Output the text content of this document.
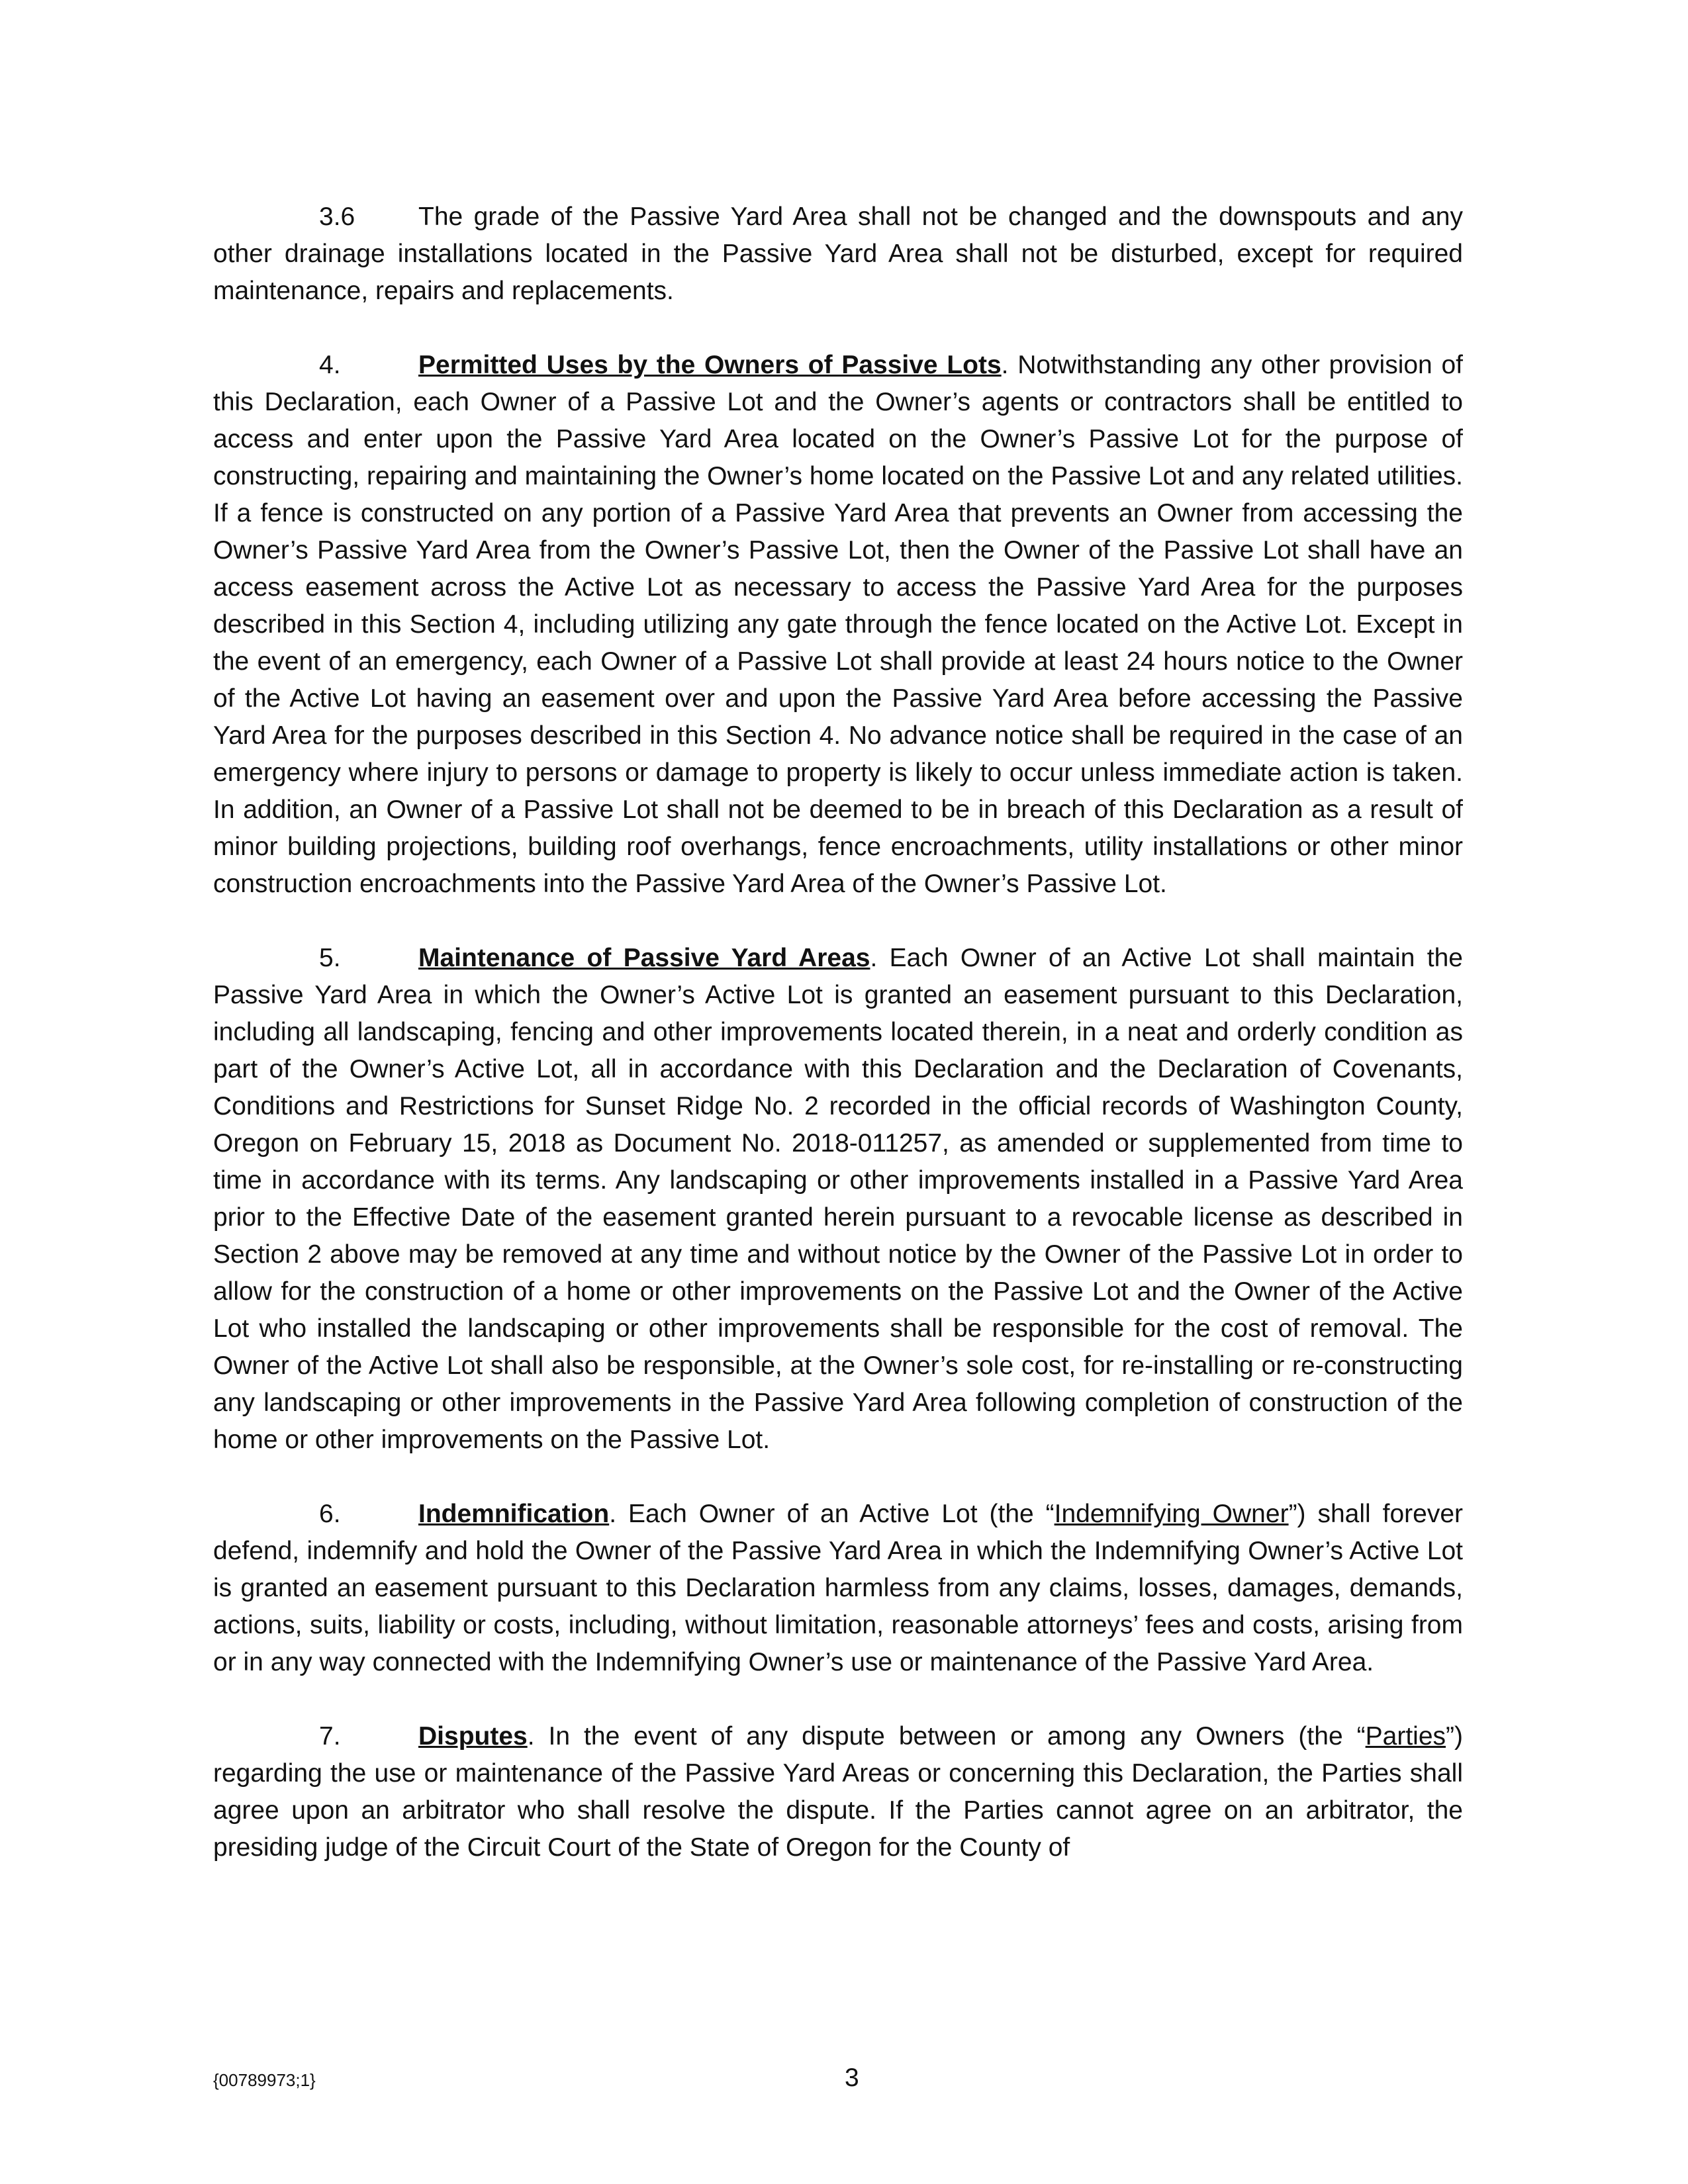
3.6 The grade of the Passive Yard Area shall not be changed and the downspouts and any other drainage installations located in the Passive Yard Area shall not be disturbed, except for required maintenance, repairs and replacements.

4.	Permitted Uses by the Owners of Passive Lots. Notwithstanding any other provision of this Declaration, each Owner of a Passive Lot and the Owner’s agents or contractors shall be entitled to access and enter upon the Passive Yard Area located on the Owner’s Passive Lot for the purpose of constructing, repairing and maintaining the Owner’s home located on the Passive Lot and any related utilities. If a fence is constructed on any portion of a Passive Yard Area that prevents an Owner from accessing the Owner’s Passive Yard Area from the Owner’s Passive Lot, then the Owner of the Passive Lot shall have an access easement across the Active Lot as necessary to access the Passive Yard Area for the purposes described in this Section 4, including utilizing any gate through the fence located on the Active Lot. Except in the event of an emergency, each Owner of a Passive Lot shall provide at least 24 hours notice to the Owner of the Active Lot having an easement over and upon the Passive Yard Area before accessing the Passive Yard Area for the purposes described in this Section 4. No advance notice shall be required in the case of an emergency where injury to persons or damage to property is likely to occur unless immediate action is taken. In addition, an Owner of a Passive Lot shall not be deemed to be in breach of this Declaration as a result of minor building projections, building roof overhangs, fence encroachments, utility installations or other minor construction encroachments into the Passive Yard Area of the Owner’s Passive Lot.

5.	Maintenance of Passive Yard Areas. Each Owner of an Active Lot shall maintain the Passive Yard Area in which the Owner’s Active Lot is granted an easement pursuant to this Declaration, including all landscaping, fencing and other improvements located therein, in a neat and orderly condition as part of the Owner’s Active Lot, all in accordance with this Declaration and the Declaration of Covenants, Conditions and Restrictions for Sunset Ridge No. 2 recorded in the official records of Washington County, Oregon on February 15, 2018 as Document No. 2018-011257, as amended or supplemented from time to time in accordance with its terms. Any landscaping or other improvements installed in a Passive Yard Area prior to the Effective Date of the easement granted herein pursuant to a revocable license as described in Section 2 above may be removed at any time and without notice by the Owner of the Passive Lot in order to allow for the construction of a home or other improvements on the Passive Lot and the Owner of the Active Lot who installed the landscaping or other improvements shall be responsible for the cost of removal. The Owner of the Active Lot shall also be responsible, at the Owner’s sole cost, for re-installing or re-constructing any landscaping or other improvements in the Passive Yard Area following completion of construction of the home or other improvements on the Passive Lot.

6.	Indemnification. Each Owner of an Active Lot (the “Indemnifying Owner”) shall forever defend, indemnify and hold the Owner of the Passive Yard Area in which the Indemnifying Owner’s Active Lot is granted an easement pursuant to this Declaration harmless from any claims, losses, damages, demands, actions, suits, liability or costs, including, without limitation, reasonable attorneys’ fees and costs, arising from or in any way connected with the Indemnifying Owner’s use or maintenance of the Passive Yard Area.

7.	Disputes. In the event of any dispute between or among any Owners (the “Parties”) regarding the use or maintenance of the Passive Yard Areas or concerning this Declaration, the Parties shall agree upon an arbitrator who shall resolve the dispute. If the Parties cannot agree on an arbitrator, the presiding judge of the Circuit Court of the State of Oregon for the County of

{00789973;1}	3
